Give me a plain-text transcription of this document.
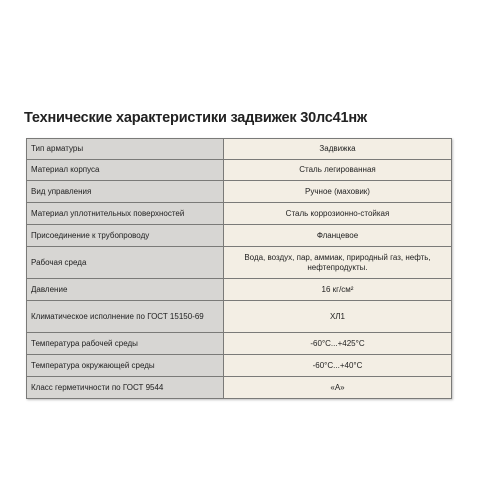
Технические характеристики задвижек 30лс41нж
Тип арматуры	Задвижка
Материал корпуса	Сталь легированная
Вид управления	Ручное (маховик)
Материал уплотнительных поверхностей	Сталь коррозионно-стойкая
Присоединение к трубопроводу	Фланцевое
Рабочая среда	Вода, воздух, пар, аммиак, природный газ, нефть, нефтепродукты.
Давление	16 кг/см²
Климатическое исполнение по ГОСТ 15150-69	ХЛ1
Температура рабочей среды	-60°С...+425°С
Температура окружающей среды	-60°С...+40°С
Класс герметичности по ГОСТ 9544	«А»
